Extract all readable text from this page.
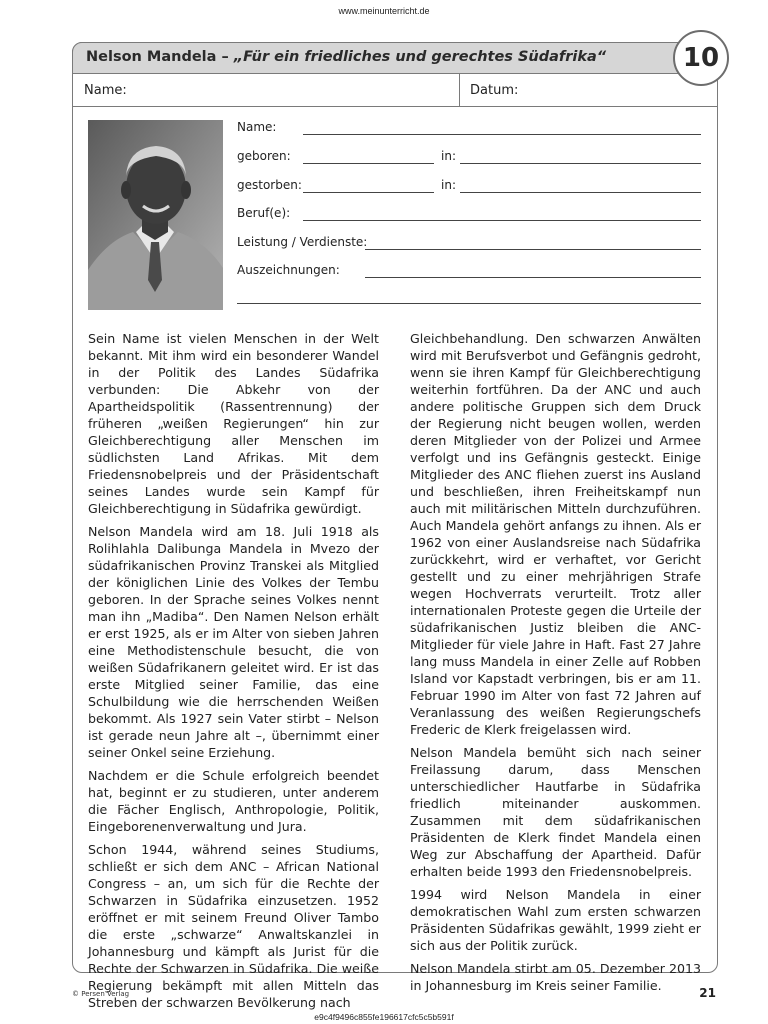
www.meinunterricht.de
Nelson Mandela – „Für ein friedliches und gerechtes Südafrika“	10
Name:	Datum:
Name:
geboren:	in:
gestorben:	in:
Beruf(e):
Leistung / Verdienste:
Auszeichnungen:

Sein Name ist vielen Menschen in der Welt bekannt. Mit ihm wird ein besonderer Wandel in der Politik des Landes Südafrika verbunden: Die Abkehr von der Apartheidspolitik (Rassentrennung) der früheren „weißen Regierungen“ hin zur Gleichberechtigung aller Menschen im südlichsten Land Afrikas. Mit dem Friedensnobelpreis und der Präsidentschaft seines Landes wurde sein Kampf für Gleichberechtigung in Südafrika gewürdigt.

Nelson Mandela wird am 18. Juli 1918 als Rolihlahla Dalibunga Mandela in Mvezo der südafrikanischen Provinz Transkei als Mitglied der königlichen Linie des Volkes der Tembu geboren. In der Sprache seines Volkes nennt man ihn „Madiba“. Den Namen Nelson erhält er erst 1925, als er im Alter von sieben Jahren eine Methodistenschule besucht, die von weißen Südafrikanern geleitet wird. Er ist das erste Mitglied seiner Familie, das eine Schulbildung wie die herrschenden Weißen bekommt. Als 1927 sein Vater stirbt – Nelson ist gerade neun Jahre alt –, übernimmt einer seiner Onkel seine Erziehung.

Nachdem er die Schule erfolgreich beendet hat, beginnt er zu studieren, unter anderem die Fächer Englisch, Anthropologie, Politik, Eingeborenenverwaltung und Jura.

Schon 1944, während seines Studiums, schließt er sich dem ANC – African National Congress – an, um sich für die Rechte der Schwarzen in Südafrika einzusetzen. 1952 eröffnet er mit seinem Freund Oliver Tambo die erste „schwarze“ Anwaltskanzlei in Johannesburg und kämpft als Jurist für die Rechte der Schwarzen in Südafrika. Die weiße Regierung bekämpft mit allen Mitteln das Streben der schwarzen Bevölkerung nach

Gleichbehandlung. Den schwarzen Anwälten wird mit Berufsverbot und Gefängnis gedroht, wenn sie ihren Kampf für Gleichberechtigung weiterhin fortführen. Da der ANC und auch andere politische Gruppen sich dem Druck der Regierung nicht beugen wollen, werden deren Mitglieder von der Polizei und Armee verfolgt und ins Gefängnis gesteckt. Einige Mitglieder des ANC fliehen zuerst ins Ausland und beschließen, ihren Freiheitskampf nun auch mit militärischen Mitteln durchzuführen. Auch Mandela gehört anfangs zu ihnen. Als er 1962 von einer Auslandsreise nach Südafrika zurückkehrt, wird er verhaftet, vor Gericht gestellt und zu einer mehrjährigen Strafe wegen Hochverrats verurteilt. Trotz aller internationalen Proteste gegen die Urteile der südafrikanischen Justiz bleiben die ANC-Mitglieder für viele Jahre in Haft. Fast 27 Jahre lang muss Mandela in einer Zelle auf Robben Island vor Kapstadt verbringen, bis er am 11. Februar 1990 im Alter von fast 72 Jahren auf Veranlassung des weißen Regierungschefs Frederic de Klerk freigelassen wird.

Nelson Mandela bemüht sich nach seiner Freilassung darum, dass Menschen unterschiedlicher Hautfarbe in Südafrika friedlich miteinander auskommen. Zusammen mit dem südafrikanischen Präsidenten de Klerk findet Mandela einen Weg zur Abschaffung der Apartheid. Dafür erhalten beide 1993 den Friedensnobelpreis.

1994 wird Nelson Mandela in einer demokratischen Wahl zum ersten schwarzen Präsidenten Südafrikas gewählt, 1999 zieht er sich aus der Politik zurück.

Nelson Mandela stirbt am 05. Dezember 2013 in Johannesburg im Kreis seiner Familie.

© Persen Verlag	21
e9c4f9496c855fe196617cfc5c5b591f
